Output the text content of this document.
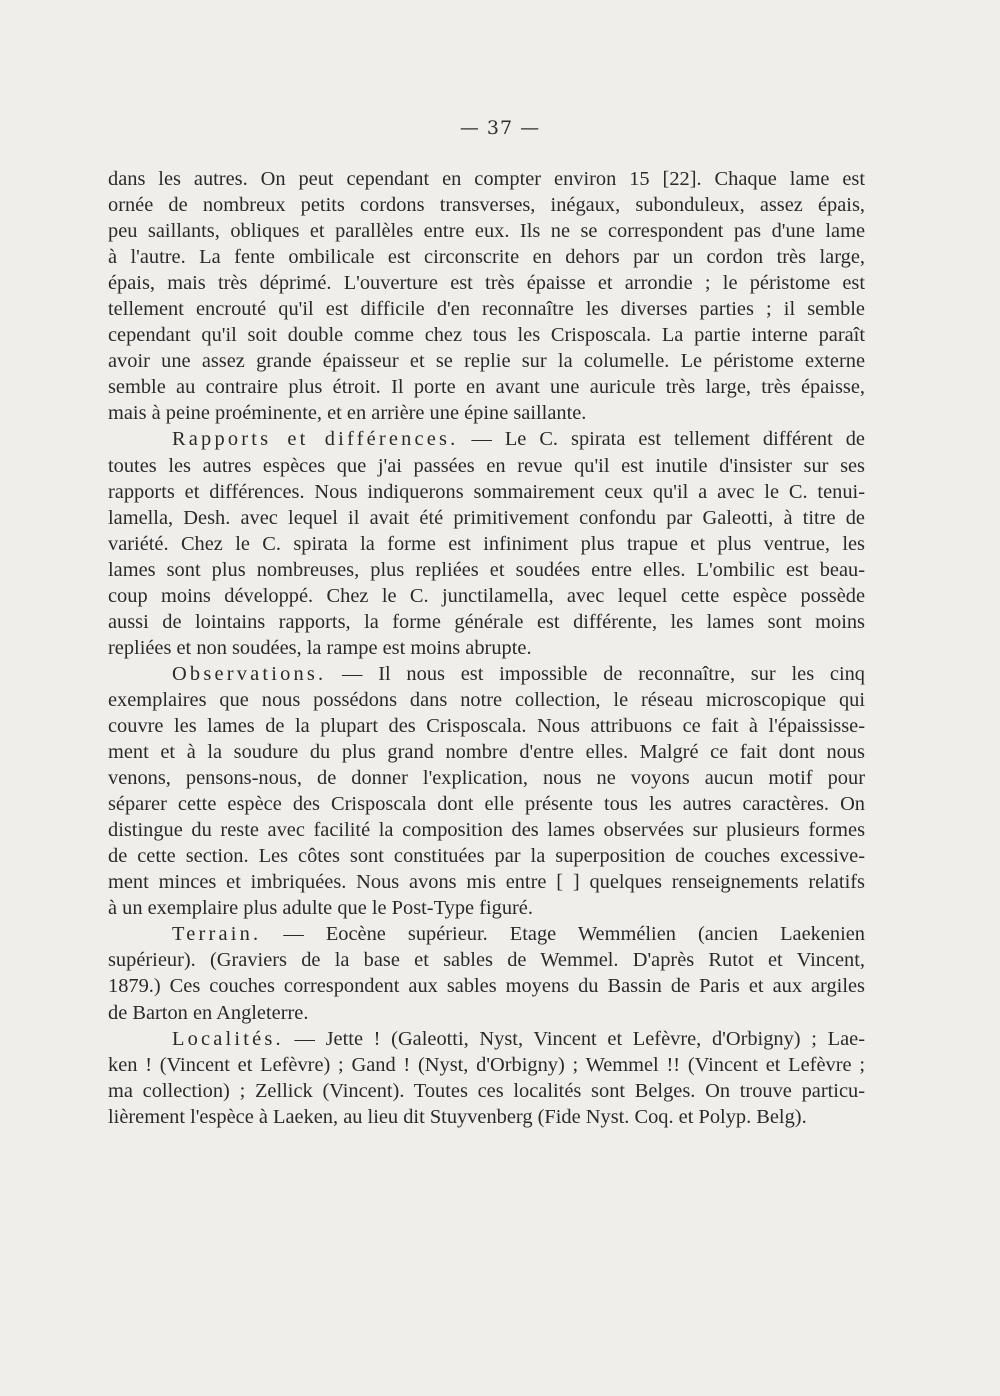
— 37 —

dans les autres. On peut cependant en compter environ 15 [22]. Chaque lame est
ornée de nombreux petits cordons transverses, inégaux, subonduleux, assez épais,
peu saillants, obliques et parallèles entre eux. Ils ne se correspondent pas d'une lame
à l'autre. La fente ombilicale est circonscrite en dehors par un cordon très large,
épais, mais très déprimé. L'ouverture est très épaisse et arrondie ; le péristome est
tellement encrouté qu'il est difficile d'en reconnaître les diverses parties ; il semble
cependant qu'il soit double comme chez tous les Crisposcala. La partie interne paraît
avoir une assez grande épaisseur et se replie sur la columelle. Le péristome externe
semble au contraire plus étroit. Il porte en avant une auricule très large, très épaisse,
mais à peine proéminente, et en arrière une épine saillante.

Rapports et différences. — Le C. spirata est tellement différent de
toutes les autres espèces que j'ai passées en revue qu'il est inutile d'insister sur ses
rapports et différences. Nous indiquerons sommairement ceux qu'il a avec le C. tenui-
lamella, Desh. avec lequel il avait été primitivement confondu par Galeotti, à titre de
variété. Chez le C. spirata la forme est infiniment plus trapue et plus ventrue, les
lames sont plus nombreuses, plus repliées et soudées entre elles. L'ombilic est beau-
coup moins développé. Chez le C. junctilamella, avec lequel cette espèce possède
aussi de lointains rapports, la forme générale est différente, les lames sont moins
repliées et non soudées, la rampe est moins abrupte.

Observations. — Il nous est impossible de reconnaître, sur les cinq
exemplaires que nous possédons dans notre collection, le réseau microscopique qui
couvre les lames de la plupart des Crisposcala. Nous attribuons ce fait à l'épaississe-
ment et à la soudure du plus grand nombre d'entre elles. Malgré ce fait dont nous
venons, pensons-nous, de donner l'explication, nous ne voyons aucun motif pour
séparer cette espèce des Crisposcala dont elle présente tous les autres caractères. On
distingue du reste avec facilité la composition des lames observées sur plusieurs formes
de cette section. Les côtes sont constituées par la superposition de couches excessive-
ment minces et imbriquées. Nous avons mis entre [ ] quelques renseignements relatifs
à un exemplaire plus adulte que le Post-Type figuré.

Terrain. — Eocène supérieur. Etage Wemmélien (ancien Laekenien
supérieur). (Graviers de la base et sables de Wemmel. D'après Rutot et Vincent,
1879.) Ces couches correspondent aux sables moyens du Bassin de Paris et aux argiles
de Barton en Angleterre.

Localités. — Jette ! (Galeotti, Nyst, Vincent et Lefèvre, d'Orbigny) ; Lae-
ken ! (Vincent et Lefèvre) ; Gand ! (Nyst, d'Orbigny) ; Wemmel !! (Vincent et Lefèvre ;
ma collection) ; Zellick (Vincent). Toutes ces localités sont Belges. On trouve particu-
lièrement l'espèce à Laeken, au lieu dit Stuyvenberg (Fide Nyst. Coq. et Polyp. Belg).
